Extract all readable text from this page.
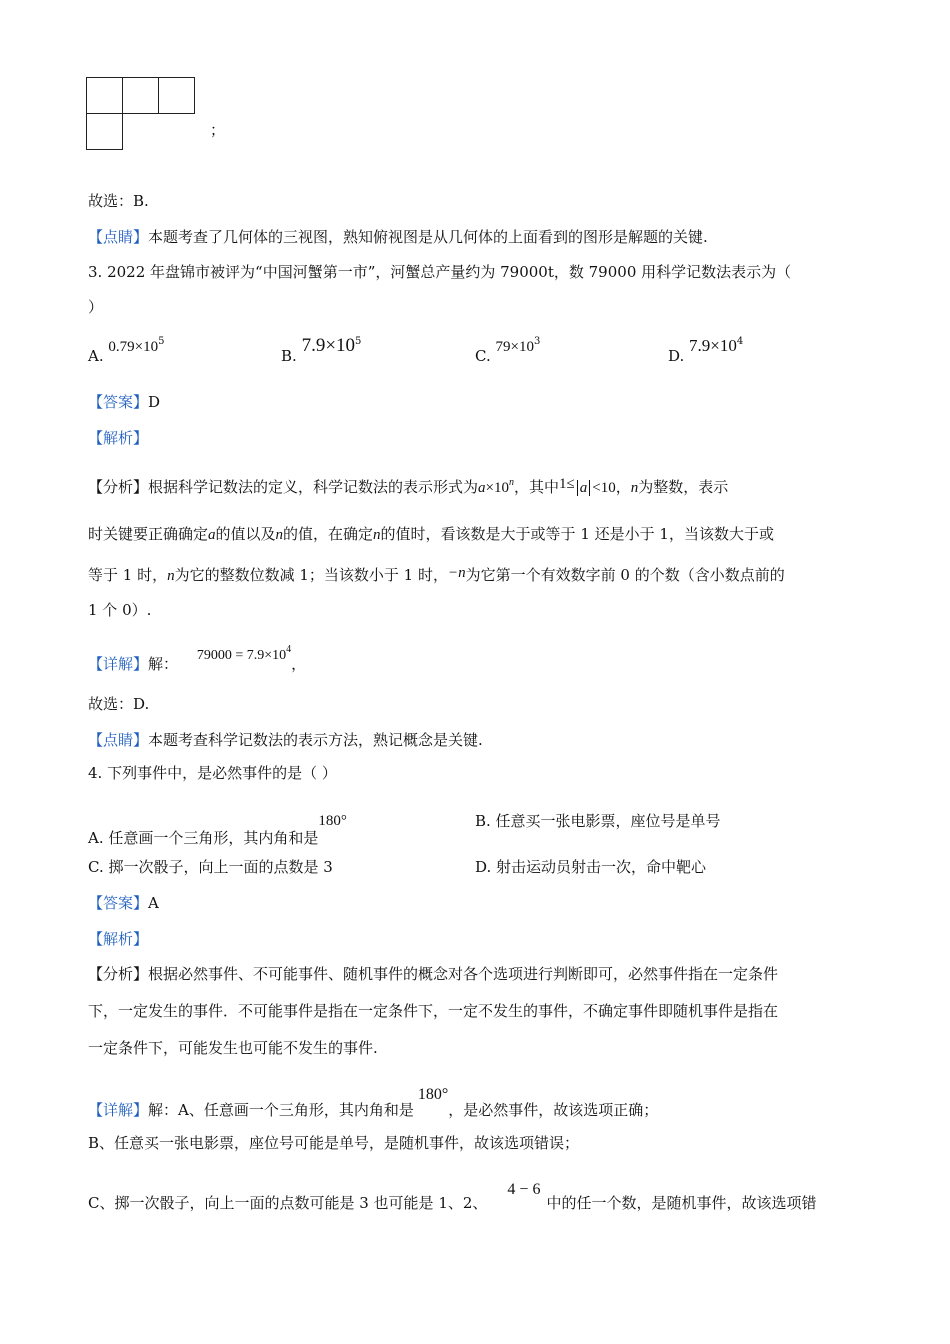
；
故选：B.
【点睛】本题考查了几何体的三视图，熟知俯视图是从几何体的上面看到的图形是解题的关键.
3. 2022 年盘锦市被评为“中国河蟹第一市”，河蟹总产量约为 79000t，数 79000 用科学记数法表示为（
）
A. $0.79\times 10^5$
B. $7.9\times 10^5$
C. $79\times 10^3$
D. $7.9\times 10^4$
【答案】D
【解析】
【分析】根据科学记数法的定义，科学记数法的表示形式为$a\times 10^n$，其中1≤ a <10，n为整数，表示
时关键要正确确定a的值以及n的值，在确定n的值时，看该数是大于或等于 1 还是小于 1，当该数大于或
等于 1 时，n为它的整数位数减 1；当该数小于 1 时，−n为它第一个有效数字前 0 的个数（含小数点前的
1 个 0）.
【详解】解： $79000 = 7.9\times 10^4$，
故选：D.
【点睛】本题考查科学记数法的表示方法，熟记概念是关键.
4. 下列事件中，是必然事件的是（ ）
A. 任意画一个三角形，其内角和是180°	B. 任意买一张电影票，座位号是单号
C. 掷一次骰子，向上一面的点数是 3	D. 射击运动员射击一次，命中靶心
【答案】A
【解析】
【分析】根据必然事件、不可能事件、随机事件的概念对各个选项进行判断即可，必然事件指在一定条件
下，一定发生的事件．不可能事件是指在一定条件下，一定不发生的事件，不确定事件即随机事件是指在
一定条件下，可能发生也可能不发生的事件.
【详解】解：A、任意画一个三角形，其内角和是180°，是必然事件，故该选项正确；
B、任意买一张电影票，座位号可能是单号，是随机事件，故该选项错误；
C、掷一次骰子，向上一面的点数可能是 3 也可能是 1、2、4 − 6中的任一个数，是随机事件，故该选项错
